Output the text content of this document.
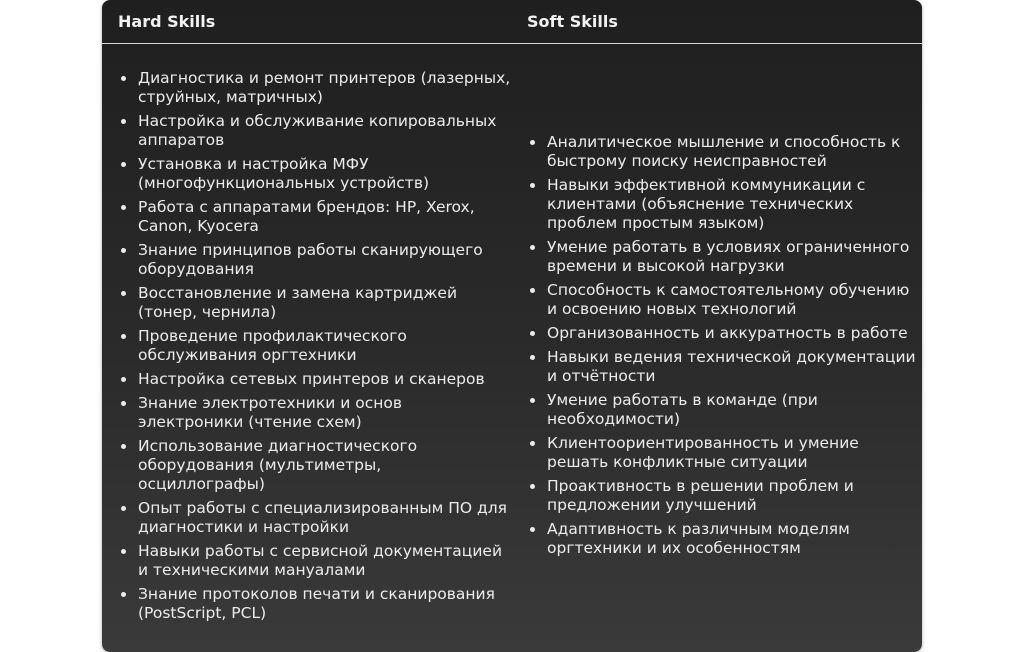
Hard Skills	Soft Skills
Диагностика и ремонт принтеров (лазерных, струйных, матричных)
Настройка и обслуживание копировальных аппаратов
Установка и настройка МФУ (многофункциональных устройств)
Работа с аппаратами брендов: HP, Xerox, Canon, Kyocera
Знание принципов работы сканирующего оборудования
Восстановление и замена картриджей (тонер, чернила)
Проведение профилактического обслуживания оргтехники
Настройка сетевых принтеров и сканеров
Знание электротехники и основ электроники (чтение схем)
Использование диагностического оборудования (мультиметры, осциллографы)
Опыт работы с специализированным ПО для диагностики и настройки
Навыки работы с сервисной документацией и техническими мануалами
Знание протоколов печати и сканирования (PostScript, PCL)
Аналитическое мышление и способность к быстрому поиску неисправностей
Навыки эффективной коммуникации с клиентами (объяснение технических проблем простым языком)
Умение работать в условиях ограниченного времени и высокой нагрузки
Способность к самостоятельному обучению и освоению новых технологий
Организованность и аккуратность в работе
Навыки ведения технической документации и отчётности
Умение работать в команде (при необходимости)
Клиентоориентированность и умение решать конфликтные ситуации
Проактивность в решении проблем и предложении улучшений
Адаптивность к различным моделям оргтехники и их особенностям
